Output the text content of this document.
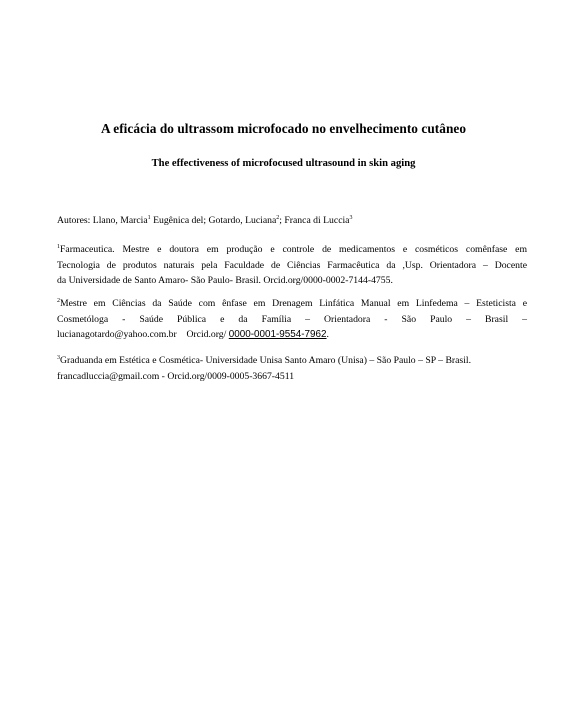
A eficácia do ultrassom microfocado no envelhecimento cutâneo
The effectiveness of microfocused ultrasound in skin aging
Autores: Llano, Marcia$^1$ Eugênica del; Gotardo, Luciana$^2$; Franca di Luccia$^3$
$^1$Farmaceutica. Mestre e doutora em produção e controle de medicamentos e cosméticos comênfase em
Tecnologia de produtos naturais pela Faculdade de Ciências Farmacêutica da ,Usp. Orientadora – Docente
da Universidade de Santo Amaro- São Paulo- Brasil. Orcid.org/0000-0002-7144-4755.
$^2$Mestre em Ciências da Saúde com ênfase em Drenagem Linfática Manual em Linfedema – Esteticista e
Cosmetóloga - Saúde Pública e da Família – Orientadora - São Paulo – Brasil –
lucianagotardo@yahoo.com.br    Orcid.org/ 0000-0001-9554-7962.
$^3$Graduanda em Estética e Cosmética- Universidade Unisa Santo Amaro (Unisa) – São Paulo – SP – Brasil.
francadluccia@gmail.com - Orcid.org/0009-0005-3667-4511
